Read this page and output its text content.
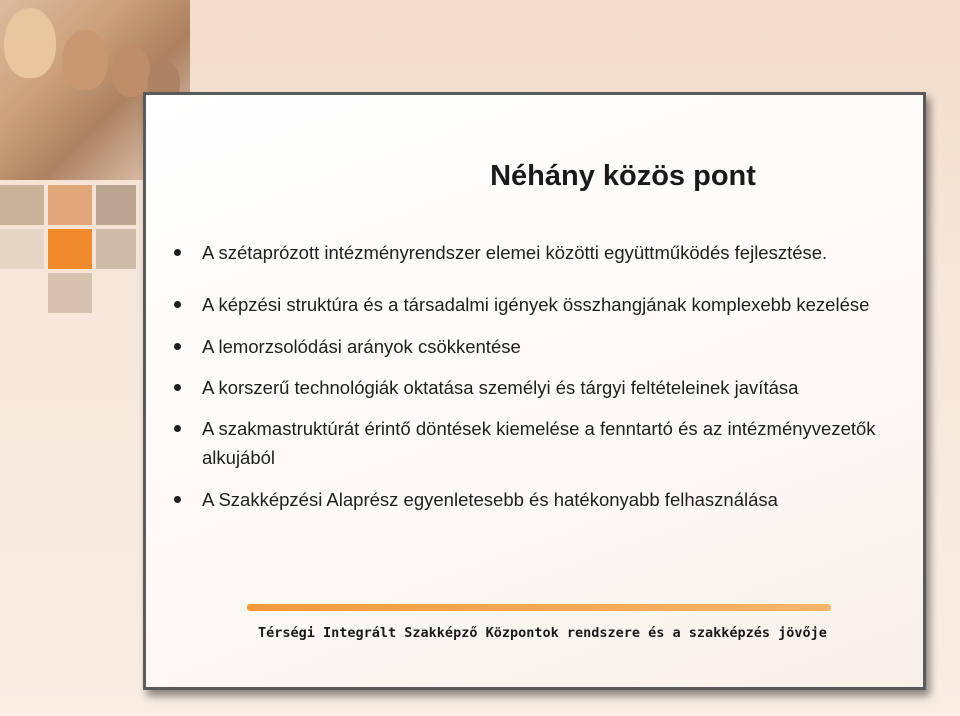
Néhány közös pont
A szétaprózott intézményrendszer elemei közötti együttműködés fejlesztése.
A képzési struktúra és a társadalmi igények összhangjának komplexebb kezelése
A lemorzsolódási arányok csökkentése
A korszerű technológiák oktatása személyi és tárgyi feltételeinek javítása
A szakmastruktúrát érintő döntések kiemelése a fenntartó és az intézményvezetők alkujából
A Szakképzési Alaprész egyenletesebb és hatékonyabb felhasználása
Térségi Integrált Szakképző Központok rendszere és a szakképzés jövője
